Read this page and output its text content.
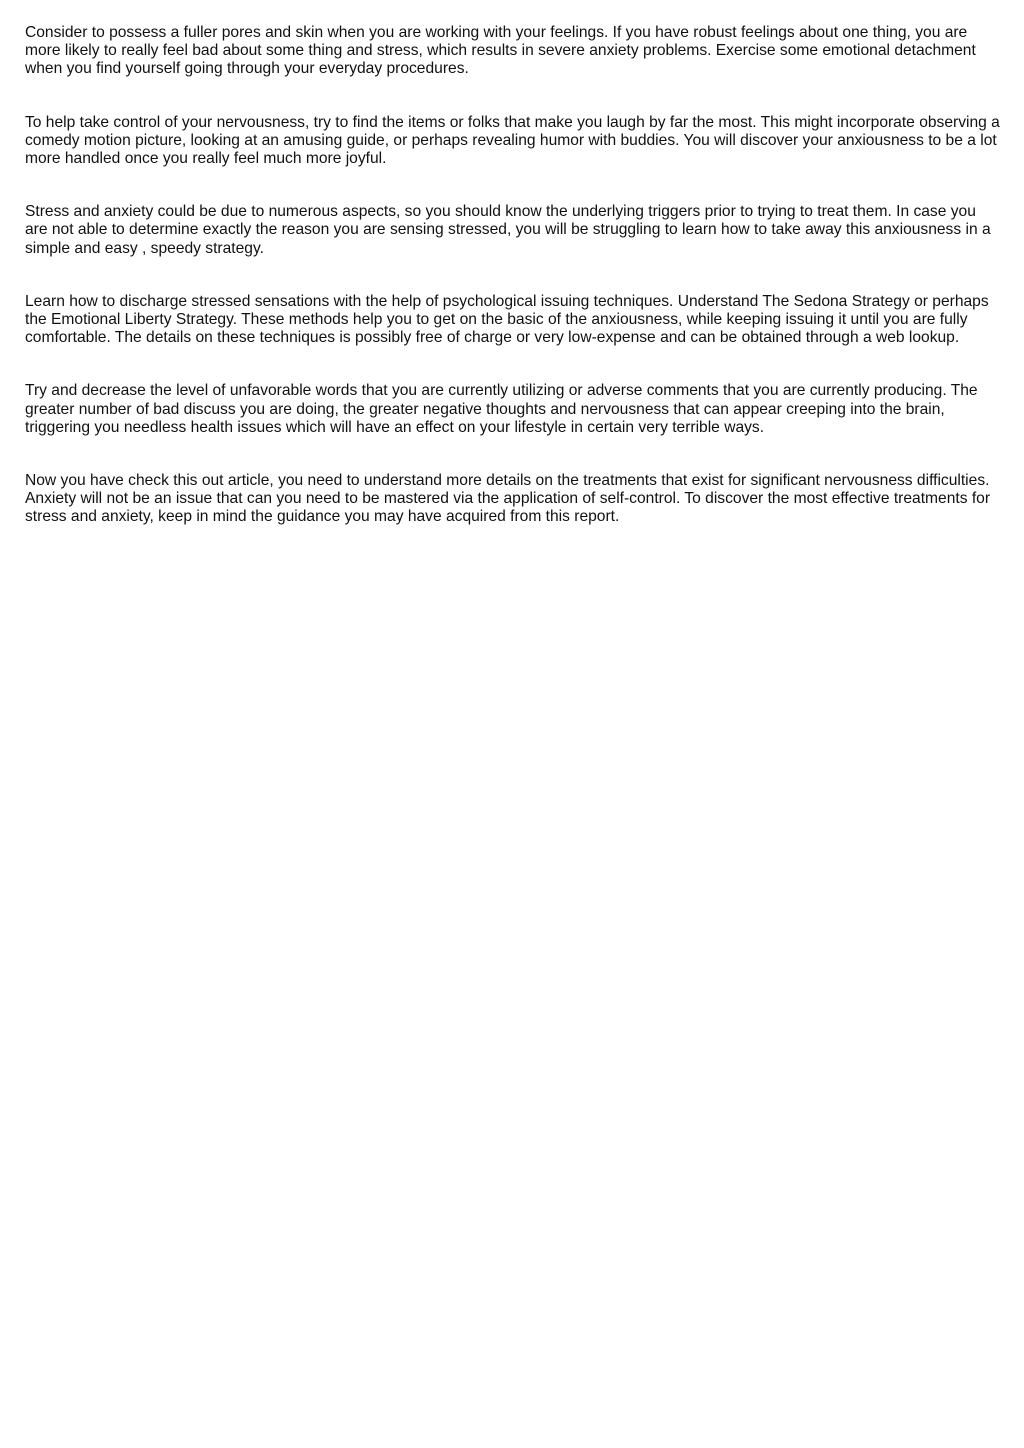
Consider to possess a fuller pores and skin when you are working with your feelings. If you have robust feelings about one thing, you are more likely to really feel bad about some thing and stress, which results in severe anxiety problems. Exercise some emotional detachment when you find yourself going through your everyday procedures.

To help take control of your nervousness, try to find the items or folks that make you laugh by far the most. This might incorporate observing a comedy motion picture, looking at an amusing guide, or perhaps revealing humor with buddies. You will discover your anxiousness to be a lot more handled once you really feel much more joyful.

Stress and anxiety could be due to numerous aspects, so you should know the underlying triggers prior to trying to treat them. In case you are not able to determine exactly the reason you are sensing stressed, you will be struggling to learn how to take away this anxiousness in a simple and easy , speedy strategy.

Learn how to discharge stressed sensations with the help of psychological issuing techniques. Understand The Sedona Strategy or perhaps the Emotional Liberty Strategy. These methods help you to get on the basic of the anxiousness, while keeping issuing it until you are fully comfortable. The details on these techniques is possibly free of charge or very low-expense and can be obtained through a web lookup.

Try and decrease the level of unfavorable words that you are currently utilizing or adverse comments that you are currently producing. The greater number of bad discuss you are doing, the greater negative thoughts and nervousness that can appear creeping into the brain, triggering you needless health issues which will have an effect on your lifestyle in certain very terrible ways.

Now you have check this out article, you need to understand more details on the treatments that exist for significant nervousness difficulties. Anxiety will not be an issue that can you need to be mastered via the application of self-control. To discover the most effective treatments for stress and anxiety, keep in mind the guidance you may have acquired from this report.
